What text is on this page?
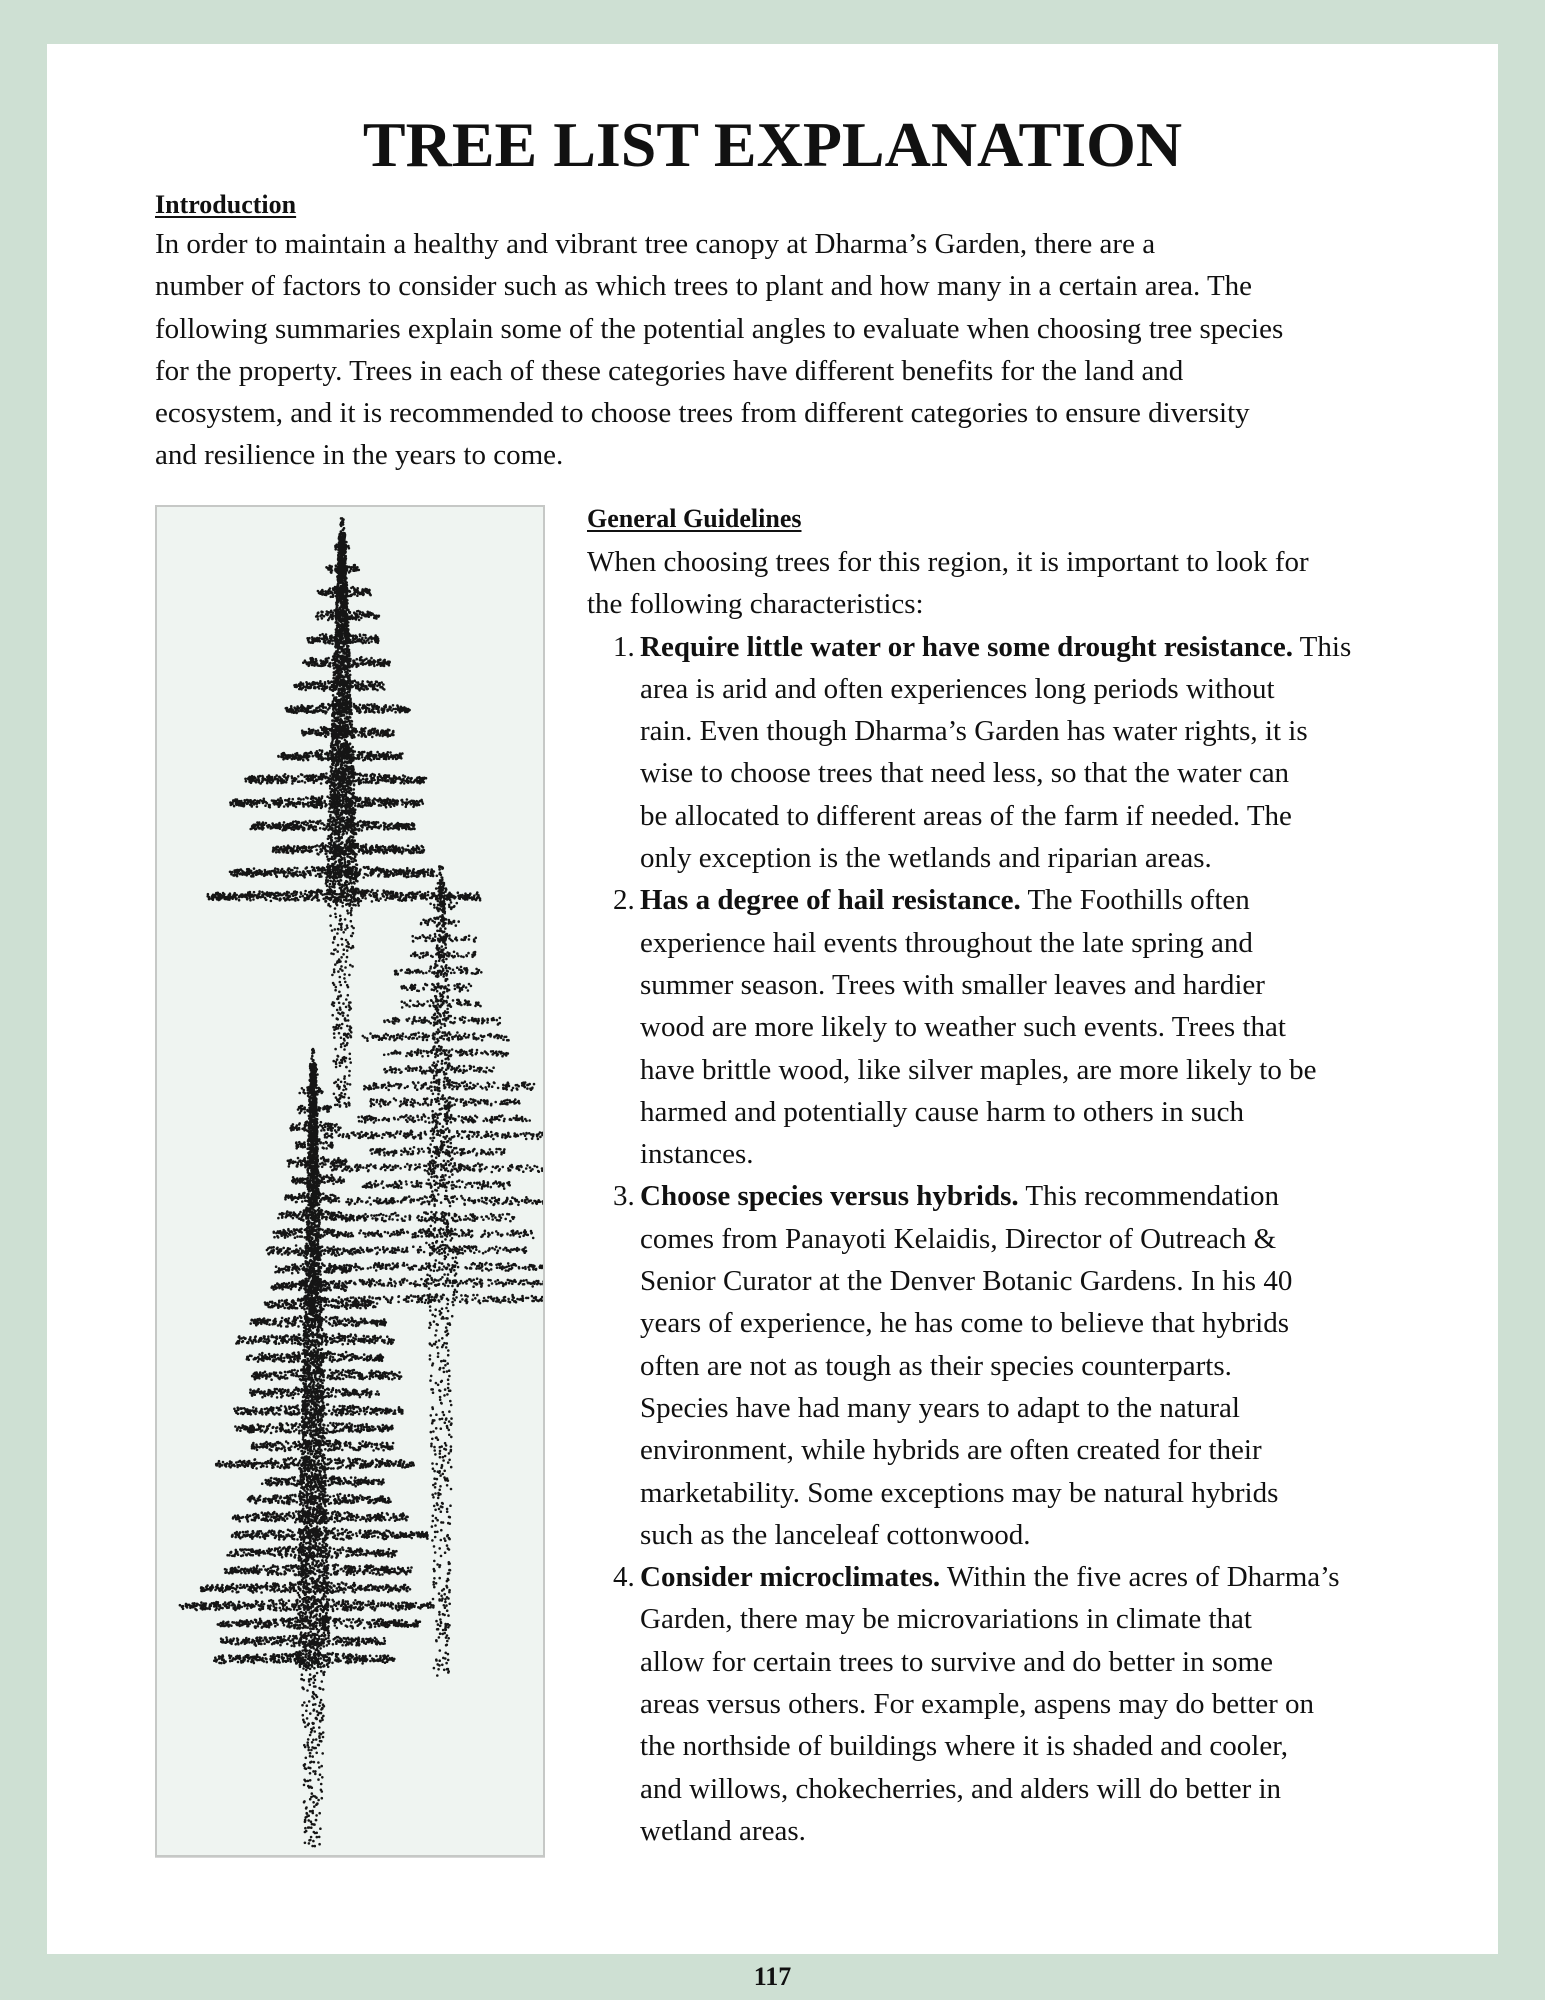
TREE LIST EXPLANATION
Introduction
In order to maintain a healthy and vibrant tree canopy at Dharma’s Garden, there are a
number of factors to consider such as which trees to plant and how many in a certain area. The
following summaries explain some of the potential angles to evaluate when choosing tree species
for the property. Trees in each of these categories have different benefits for the land and
ecosystem, and it is recommended to choose trees from different categories to ensure diversity
and resilience in the years to come.
General Guidelines
When choosing trees for this region, it is important to look for
the following characteristics:
1. Require little water or have some drought resistance. This
area is arid and often experiences long periods without
rain. Even though Dharma’s Garden has water rights, it is
wise to choose trees that need less, so that the water can
be allocated to different areas of the farm if needed. The
only exception is the wetlands and riparian areas.
2. Has a degree of hail resistance. The Foothills often
experience hail events throughout the late spring and
summer season. Trees with smaller leaves and hardier
wood are more likely to weather such events. Trees that
have brittle wood, like silver maples, are more likely to be
harmed and potentially cause harm to others in such
instances.
3. Choose species versus hybrids. This recommendation
comes from Panayoti Kelaidis, Director of Outreach &
Senior Curator at the Denver Botanic Gardens. In his 40
years of experience, he has come to believe that hybrids
often are not as tough as their species counterparts.
Species have had many years to adapt to the natural
environment, while hybrids are often created for their
marketability. Some exceptions may be natural hybrids
such as the lanceleaf cottonwood.
4. Consider microclimates. Within the five acres of Dharma’s
Garden, there may be microvariations in climate that
allow for certain trees to survive and do better in some
areas versus others. For example, aspens may do better on
the northside of buildings where it is shaded and cooler,
and willows, chokecherries, and alders will do better in
wetland areas.
117
